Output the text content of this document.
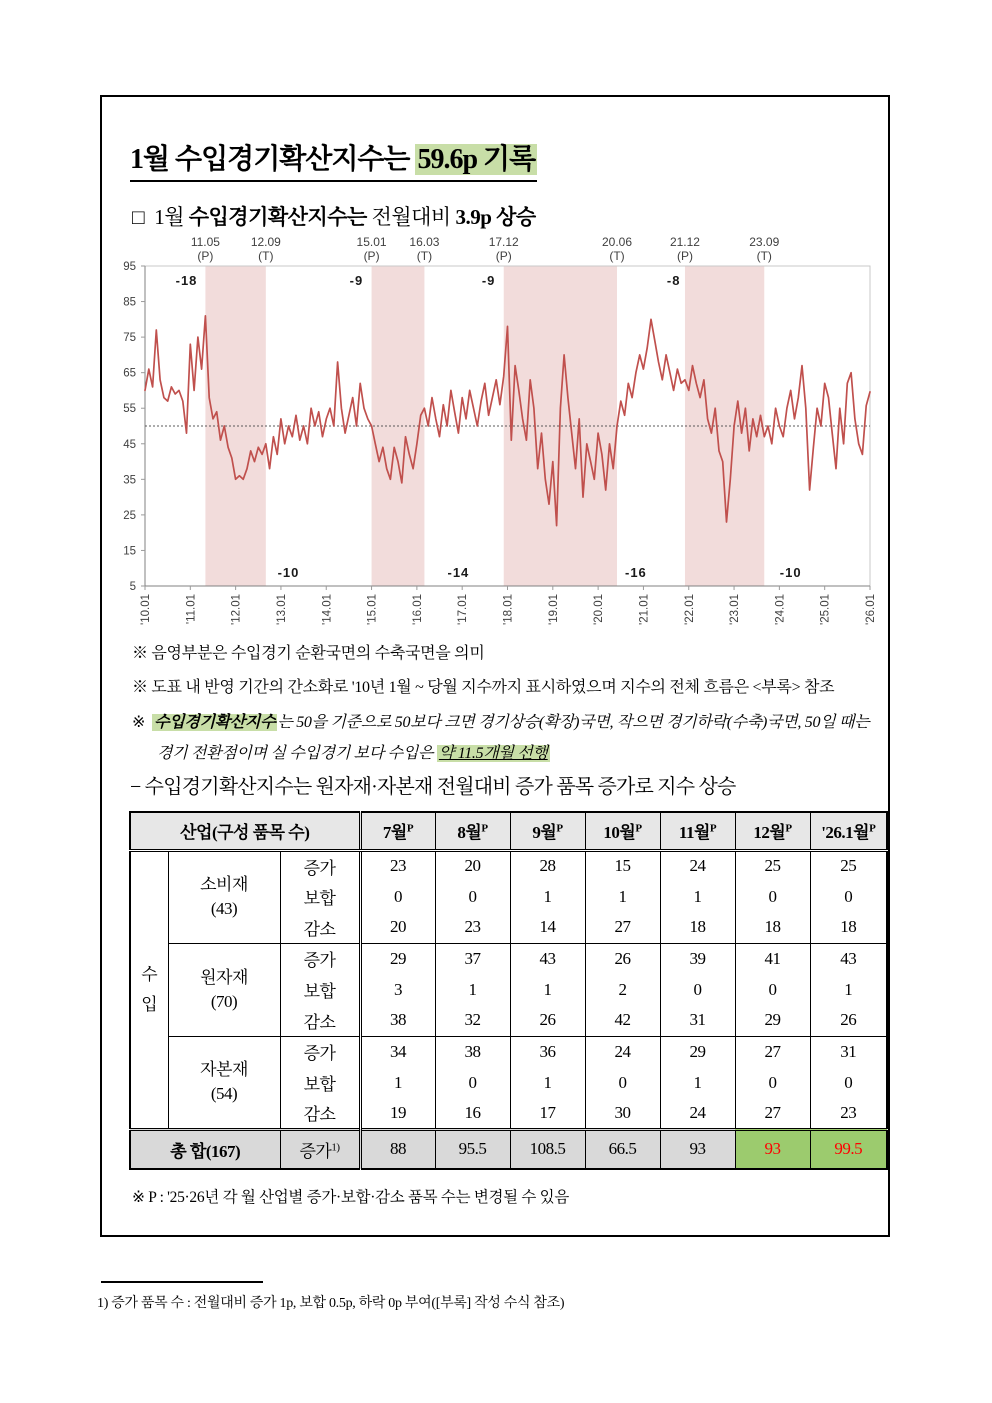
1월 수입경기확산지수는 59.6p 기록
□ 1월 수입경기확산지수는 전월대비 3.9p 상승
5
15
25
35
45
55
65
75
85
95
'10.01	'11.01	'12.01	'13.01	'14.01	'15.01	'16.01	'17.01	'18.01	'19.01	'20.01	'21.01	'22.01	'23.01	'24.01	'25.01	'26.01
11.05
(P)
12.09
(T)
15.01
(P)
16.03
(T)
17.12
(P)
20.06
(T)
21.12
(P)
23.09
(T)
-18	-9	-9	-8
-10	-14	-16	-10
※ 음영부분은 수입경기 순환국면의 수축국면을 의미
※ 도표 내 반영 기간의 간소화로 '10년 1월 ~ 당월 지수까지 표시하였으며 지수의 전체 흐름은 <부록> 참조
※ 수입경기확산지수 는 50을 기준으로 50보다 크면 경기상승(확장)국면, 작으면 경기하락(수축)국면, 50일 때는 경기 전환점이며 실 수입경기 보다 수입은 약 11.5개월 선행
− 수입경기확산지수는 원자재·자본재 전월대비 증가 품목 증가로 지수 상승
산업(구성 품목 수)			7월$^P$	8월$^P$	9월$^P$	10월$^P$	11월$^P$	12월$^P$	'26.1월$^P$
수
입	소비재
(43)	증가	23	20	28	15	24	25	25
		보합	0	0	1	1	1	0	0
		감소	20	23	14	27	18	18	18
	원자재
(70)	증가	29	37	43	26	39	41	43
		보합	3	1	1	2	0	0	1
		감소	38	32	26	42	31	29	26
	자본재
(54)	증가	34	38	36	24	29	27	31
		보합	1	0	1	0	1	0	0
		감소	19	16	17	30	24	27	23
총 합(167)		증가$^{1)}$	88	95.5	108.5	66.5	93	93	99.5
※ P : '25·26년 각 월 산업별 증가·보합·감소 품목 수는 변경될 수 있음
1) 증가 품목 수 : 전월대비 증가 1p, 보합 0.5p, 하락 0p 부여([부록] 작성 수식 참조)
